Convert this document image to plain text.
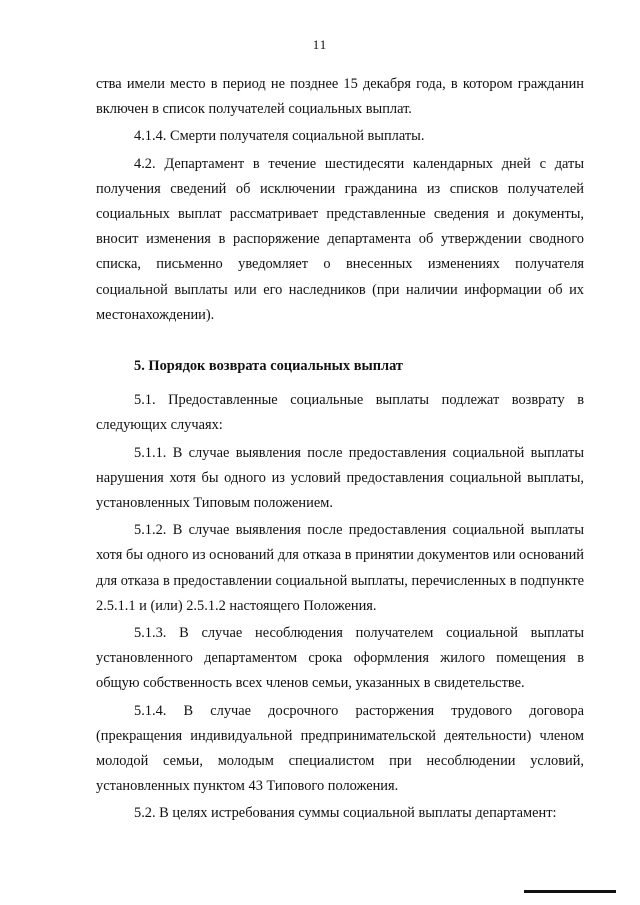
11

ства имели место в период не позднее 15 декабря года, в котором гражданин включен в список получателей социальных выплат.

4.1.4. Смерти получателя социальной выплаты.

4.2. Департамент в течение шестидесяти календарных дней с даты получения сведений об исключении гражданина из списков получателей социальных выплат рассматривает представленные сведения и документы, вносит изменения в распоряжение департамента об утверждении сводного списка, письменно уведомляет о внесенных изменениях получателя социальной выплаты или его наследников (при наличии информации об их местонахождении).

5. Порядок возврата социальных выплат

5.1. Предоставленные социальные выплаты подлежат возврату в следующих случаях:

5.1.1. В случае выявления после предоставления социальной выплаты нарушения хотя бы одного из условий предоставления социальной выплаты, установленных Типовым положением.

5.1.2. В случае выявления после предоставления социальной выплаты хотя бы одного из оснований для отказа в принятии документов или оснований для отказа в предоставлении социальной выплаты, перечисленных в подпункте 2.5.1.1 и (или) 2.5.1.2 настоящего Положения.

5.1.3. В случае несоблюдения получателем социальной выплаты установленного департаментом срока оформления жилого помещения в общую собственность всех членов семьи, указанных в свидетельстве.

5.1.4. В случае досрочного расторжения трудового договора (прекращения индивидуальной предпринимательской деятельности) членом молодой семьи, молодым специалистом при несоблюдении условий, установленных пунктом 43 Типового положения.

5.2. В целях истребования суммы социальной выплаты департамент:
